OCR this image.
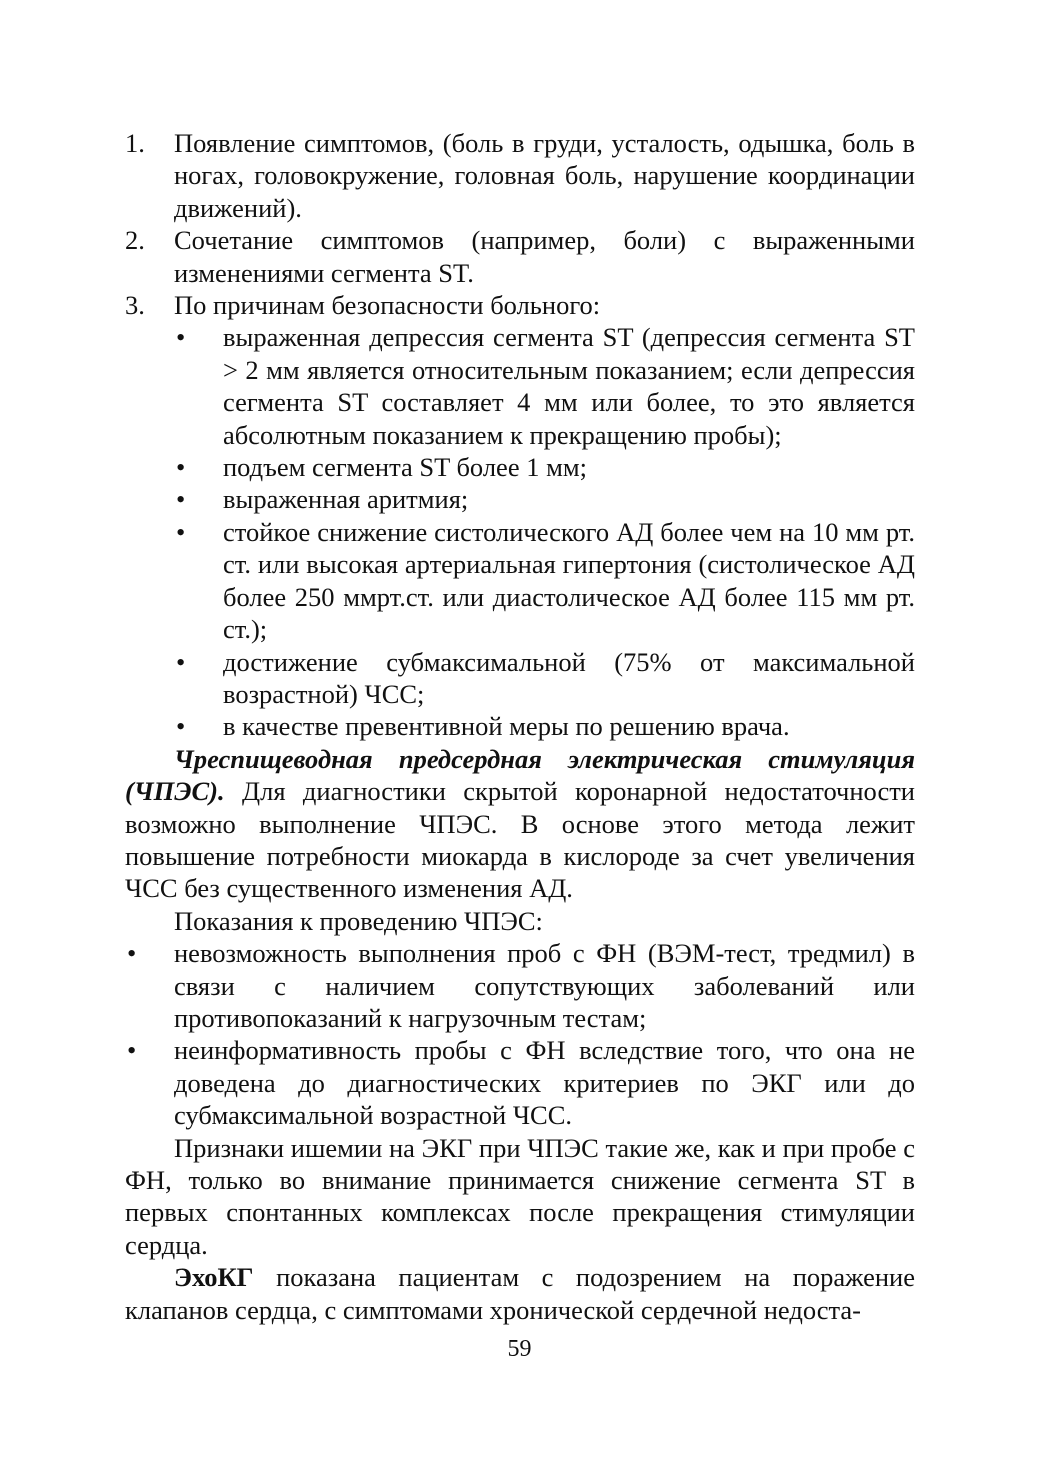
1. Появление симптомов, (боль в груди, усталость, одышка, боль в ногах, головокружение, головная боль, нарушение координации движений).
2. Сочетание симптомов (например, боли) с выраженными изменениями сегмента ST.
3. По причинам безопасности больного:
• выраженная депрессия сегмента ST (депрессия сегмента ST > 2 мм является относительным показанием; если депрессия сегмента ST составляет 4 мм или более, то это является абсолютным показанием к прекращению пробы);
• подъем сегмента ST более 1 мм;
• выраженная аритмия;
• стойкое снижение систолического АД более чем на 10 мм рт. ст. или высокая артериальная гипертония (систолическое АД более 250 ммрт.ст. или диастолическое АД более 115 мм рт. ст.);
• достижение субмаксимальной (75% от максимальной возрастной) ЧСС;
• в качестве превентивной меры по решению врача.

Чреспищеводная предсердная электрическая стимуляция (ЧПЭС). Для диагностики скрытой коронарной недостаточности возможно выполнение ЧПЭС. В основе этого метода лежит повышение потребности миокарда в кислороде за счет увеличения ЧСС без существенного изменения АД.

Показания к проведению ЧПЭС:

• невозможность выполнения проб с ФН (ВЭМ-тест, тредмил) в связи с наличием сопутствующих заболеваний или противопоказаний к нагрузочным тестам;
• неинформативность пробы с ФН вследствие того, что она не доведена до диагностических критериев по ЭКГ или до субмаксимальной возрастной ЧСС.

Признаки ишемии на ЭКГ при ЧПЭС такие же, как и при пробе с ФН, только во внимание принимается снижение сегмента ST в первых спонтанных комплексах после прекращения стимуляции сердца.

ЭхоКГ показана пациентам с подозрением на поражение клапанов сердца, с симптомами хронической сердечной недоста-

59
